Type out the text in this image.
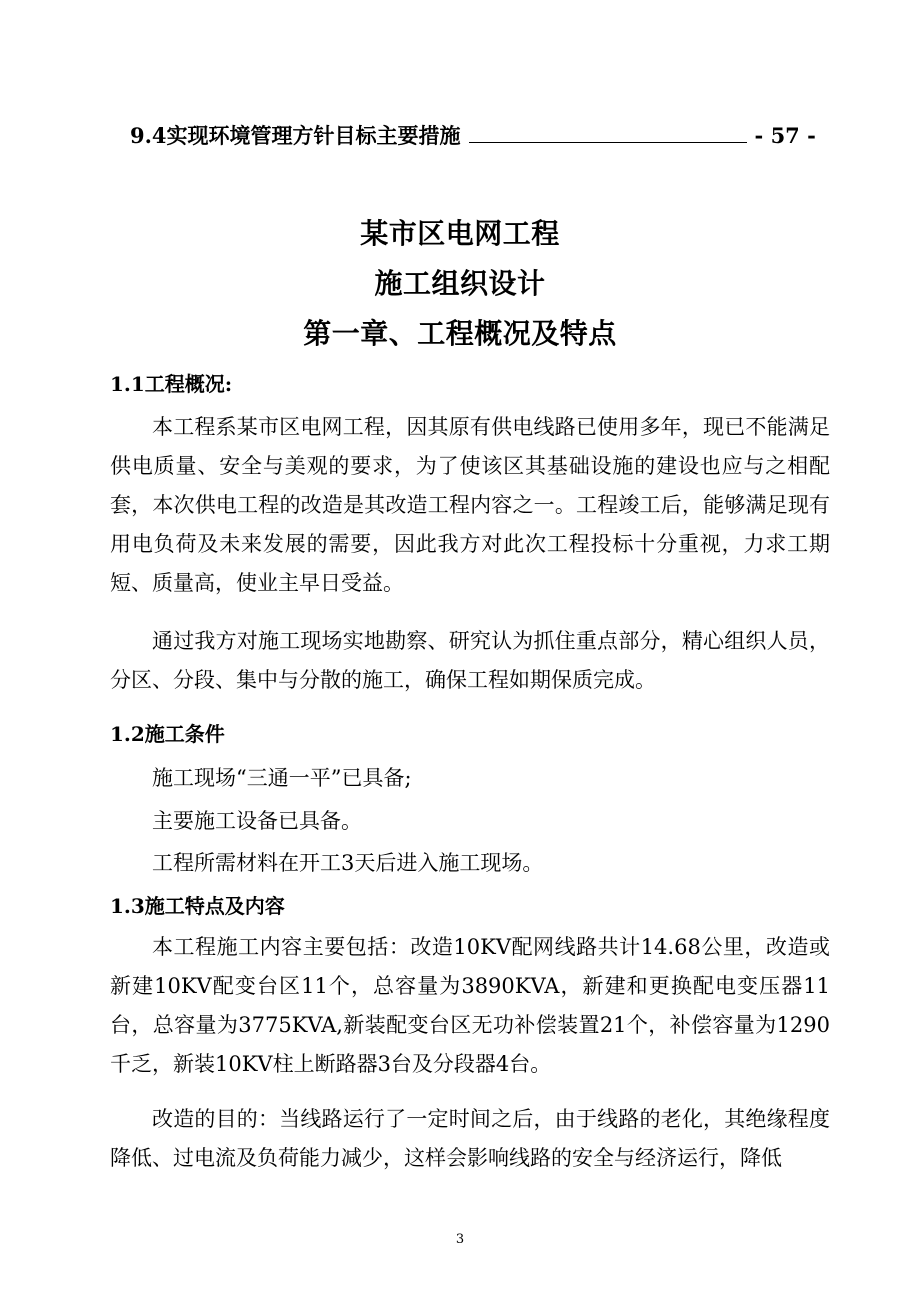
9.4实现环境管理方针目标主要措施	- 57 -
某市区电网工程
施工组织设计
第一章、工程概况及特点
1.1工程概况:
本工程系某市区电网工程，因其原有供电线路已使用多年，现已不能满足供电质量、安全与美观的要求，为了使该区其基础设施的建设也应与之相配套，本次供电工程的改造是其改造工程内容之一。工程竣工后，能够满足现有用电负荷及未来发展的需要，因此我方对此次工程投标十分重视，力求工期短、质量高，使业主早日受益。
通过我方对施工现场实地勘察、研究认为抓住重点部分，精心组织人员，分区、分段、集中与分散的施工，确保工程如期保质完成。
1.2施工条件
施工现场“三通一平”已具备;
主要施工设备已具备。
工程所需材料在开工3天后进入施工现场。
1.3施工特点及内容
本工程施工内容主要包括：改造10KV配网线路共计14.68公里，改造或新建10KV配变台区11个，总容量为3890KVA，新建和更换配电变压器11台，总容量为3775KVA,新装配变台区无功补偿装置21个，补偿容量为1290千乏，新装10KV柱上断路器3台及分段器4台。
改造的目的：当线路运行了一定时间之后，由于线路的老化，其绝缘程度降低、过电流及负荷能力减少，这样会影响线路的安全与经济运行，降低
3
